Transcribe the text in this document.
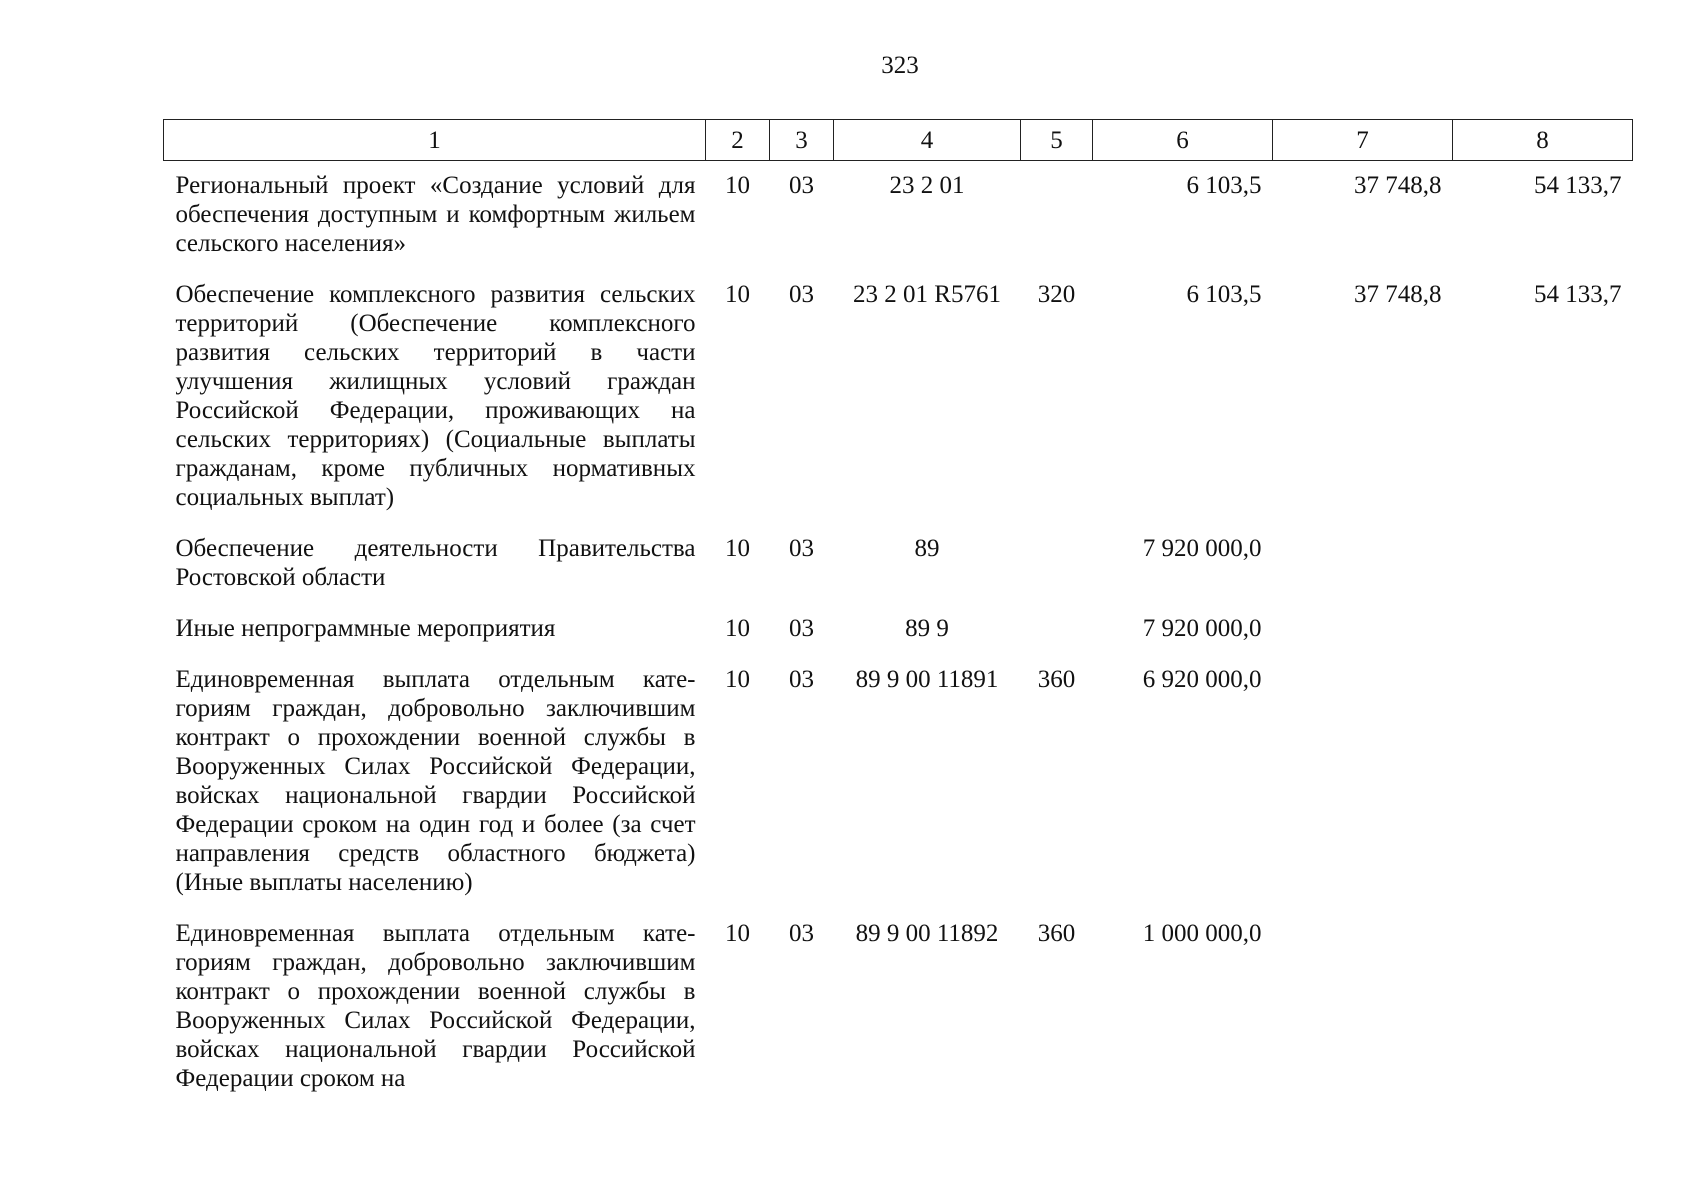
323
1	2	3	4	5	6	7	8
Региональный проект «Создание условий для обеспечения доступным и комфортным жильем сельского населения»	10	03	23 2 01		6 103,5	37 748,8	54 133,7
Обеспечение комплексного развития сельских территорий (Обеспечение комплексного развития сельских территорий в части улучшения жилищных условий граждан Российской Федерации, проживающих на сельских территориях) (Социальные выплаты гражданам, кроме публичных нормативных социальных выплат)	10	03	23 2 01 R5761	320	6 103,5	37 748,8	54 133,7
Обеспечение деятельности Правительства Ростовской области	10	03	89		7 920 000,0		
Иные непрограммные мероприятия	10	03	89 9		7 920 000,0		
Единовременная выплата отдельным категориям граждан, добровольно заключившим контракт о прохождении военной службы в Вооруженных Силах Российской Федерации, войсках национальной гвардии Российской Федерации сроком на один год и более (за счет направления средств областного бюджета) (Иные выплаты населению)	10	03	89 9 00 11891	360	6 920 000,0		
Единовременная выплата отдельным категориям граждан, добровольно заключившим контракт о прохождении военной службы в Вооруженных Силах Российской Федерации, войсках национальной гвардии Российской Федерации сроком на	10	03	89 9 00 11892	360	1 000 000,0		
